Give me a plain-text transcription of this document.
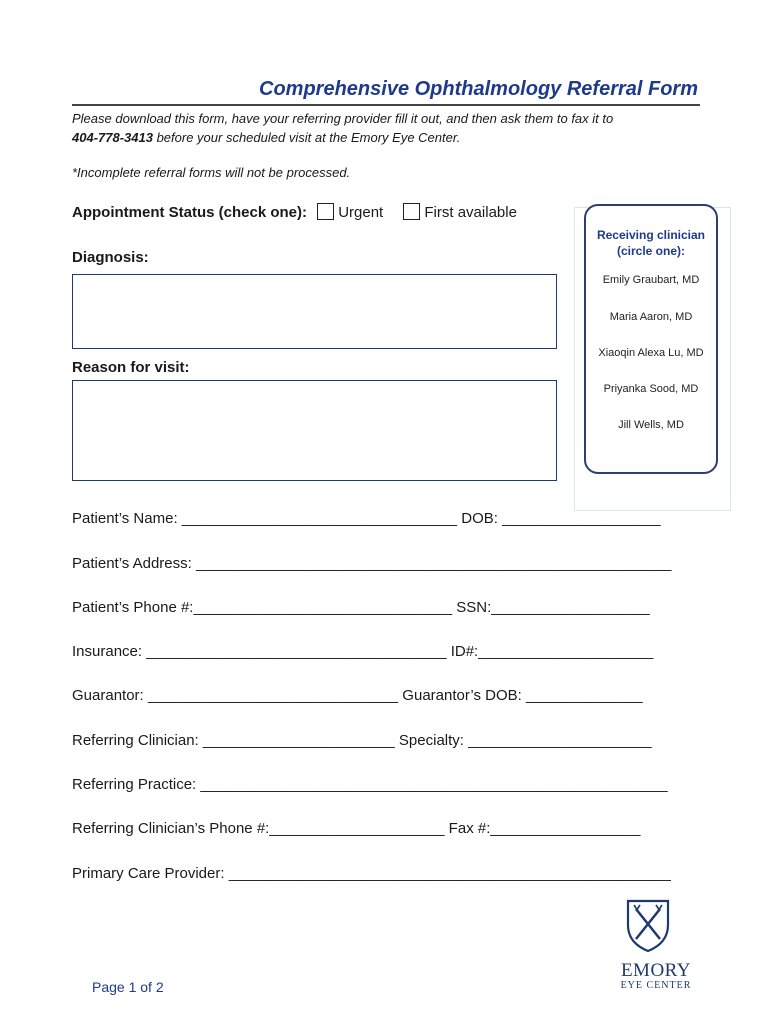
Comprehensive Ophthalmology Referral Form
Please download this form, have your referring provider fill it out, and then ask them to fax it to
404-778-3413 before your scheduled visit at the Emory Eye Center.
*Incomplete referral forms will not be processed.
Appointment Status (check one): Urgent	First available
Diagnosis:
Reason for visit:
Receiving clinician
(circle one):
Emily Graubart, MD
Maria Aaron, MD
Xiaoqin Alexa Lu, MD
Priyanka Sood, MD
Jill Wells, MD
Patient’s Name: _________________________________ DOB: ___________________
Patient’s Address: _________________________________________________________
Patient’s Phone #:_______________________________ SSN:___________________
Insurance: ____________________________________ ID#:_____________________
Guarantor: ______________________________ Guarantor’s DOB: ______________
Referring Clinician: _______________________ Specialty: ______________________
Referring Practice: ________________________________________________________
Referring Clinician’s Phone #:_____________________ Fax #:__________________
Primary Care Provider: _____________________________________________________
EMORY
EYE CENTER
Page 1 of 2
